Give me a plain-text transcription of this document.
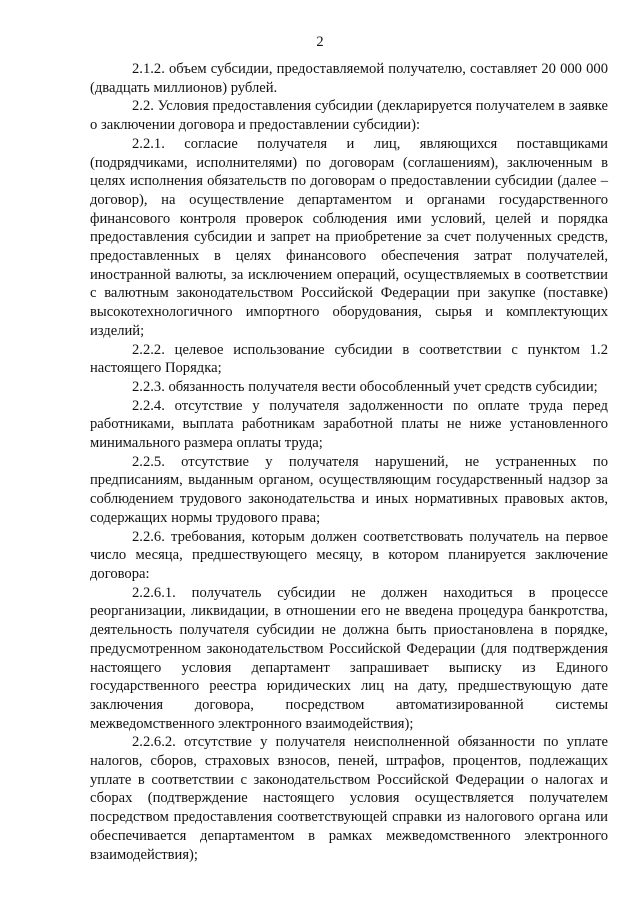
2

2.1.2. объем субсидии, предоставляемой получателю, составляет 20 000 000 (двадцать миллионов) рублей.

2.2. Условия предоставления субсидии (декларируется получателем в заявке о заключении договора и предоставлении субсидии):

2.2.1. согласие получателя и лиц, являющихся поставщиками (подрядчиками, исполнителями) по договорам (соглашениям), заключенным в целях исполнения обязательств по договорам о предоставлении субсидии (далее – договор), на осуществление департаментом и органами государственного финансового контроля проверок соблюдения ими условий, целей и порядка предоставления субсидии и запрет на приобретение за счет полученных средств, предоставленных в целях финансового обеспечения затрат получателей, иностранной валюты, за исключением операций, осуществляемых в соответствии с валютным законодательством Российской Федерации при закупке (поставке) высокотехнологичного импортного оборудования, сырья и комплектующих изделий;

2.2.2. целевое использование субсидии в соответствии с пунктом 1.2 настоящего Порядка;

2.2.3. обязанность получателя вести обособленный учет средств субсидии;

2.2.4. отсутствие у получателя задолженности по оплате труда перед работниками, выплата работникам заработной платы не ниже установленного минимального размера оплаты труда;

2.2.5. отсутствие у получателя нарушений, не устраненных по предписаниям, выданным органом, осуществляющим государственный надзор за соблюдением трудового законодательства и иных нормативных правовых актов, содержащих нормы трудового права;

2.2.6. требования, которым должен соответствовать получатель на первое число месяца, предшествующего месяцу, в котором планируется заключение договора:

2.2.6.1. получатель субсидии не должен находиться в процессе реорганизации, ликвидации, в отношении его не введена процедура банкротства, деятельность получателя субсидии не должна быть приостановлена в порядке, предусмотренном законодательством Российской Федерации (для подтверждения настоящего условия департамент запрашивает выписку из Единого государственного реестра юридических лиц на дату, предшествующую дате заключения договора, посредством автоматизированной системы межведомственного электронного взаимодействия);

2.2.6.2. отсутствие у получателя неисполненной обязанности по уплате налогов, сборов, страховых взносов, пеней, штрафов, процентов, подлежащих уплате в соответствии с законодательством Российской Федерации о налогах и сборах (подтверждение настоящего условия осуществляется получателем посредством предоставления соответствующей справки из налогового органа или обеспечивается департаментом в рамках межведомственного электронного взаимодействия);
